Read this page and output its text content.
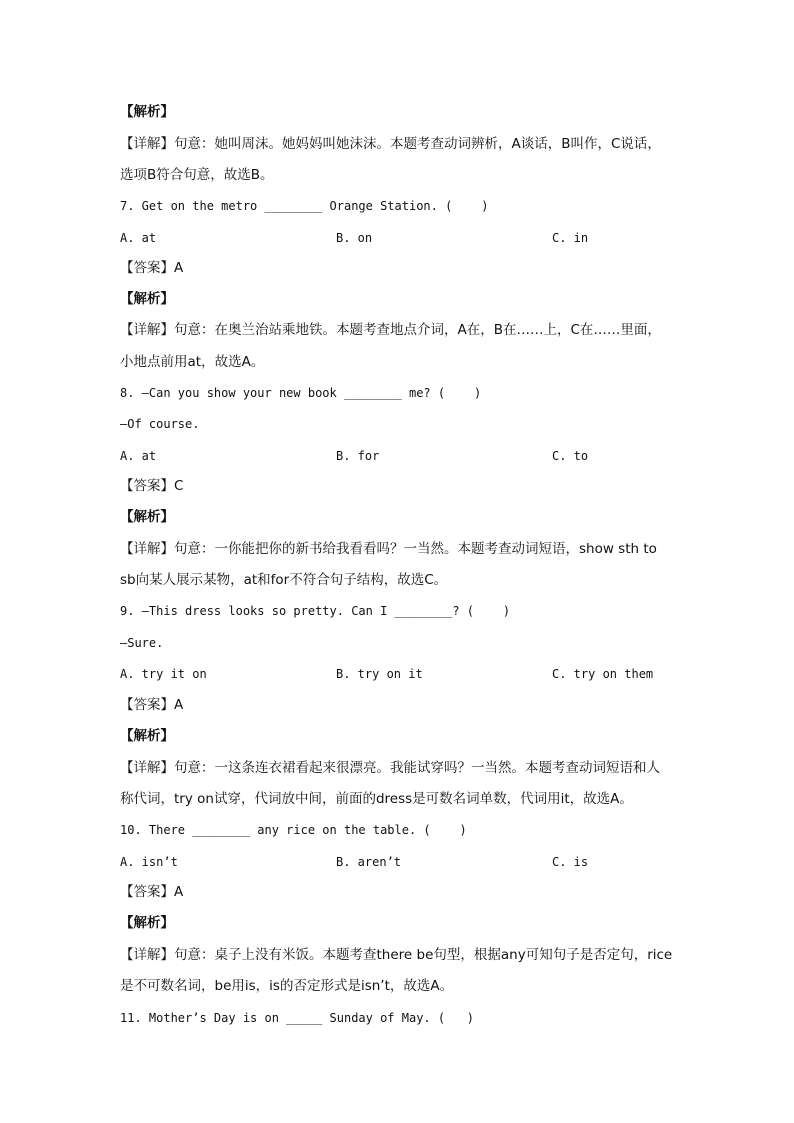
【解析】
【详解】句意：她叫周沫。她妈妈叫她沫沫。本题考查动词辨析，A谈话，B叫作，C说话，
选项B符合句意，故选B。
7. Get on the metro ________ Orange Station. (    )
A. at	B. on	C. in
【答案】A
【解析】
【详解】句意：在奥兰治站乘地铁。本题考查地点介词，A在，B在……上，C在……里面，
小地点前用at，故选A。
8. —Can you show your new book ________ me? (    )
—Of course.
A. at	B. for	C. to
【答案】C
【解析】
【详解】句意：一你能把你的新书给我看看吗？一当然。本题考查动词短语，show sth to
sb向某人展示某物，at和for不符合句子结构，故选C。
9. —This dress looks so pretty. Can I ________? (    )
—Sure.
A. try it on	B. try on it	C. try on them
【答案】A
【解析】
【详解】句意：一这条连衣裙看起来很漂亮。我能试穿吗？一当然。本题考查动词短语和人
称代词，try on试穿，代词放中间，前面的dress是可数名词单数，代词用it，故选A。
10. There ________ any rice on the table. (    )
A. isn’t	B. aren’t	C. is
【答案】A
【解析】
【详解】句意：桌子上没有米饭。本题考查there be句型，根据any可知句子是否定句，rice
是不可数名词，be用is，is的否定形式是isn’t，故选A。
11. Mother’s Day is on _____ Sunday of May. (   )
